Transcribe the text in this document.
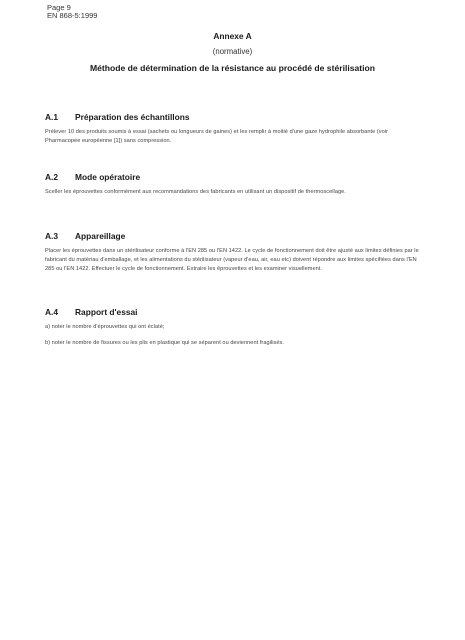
Page 9
EN 868-5:1999
Annexe A
(normative)
Méthode de détermination de la résistance au procédé de stérilisation
A.1	Préparation des échantillons

Prélever 10 des produits soumis à essai (sachets ou longueurs de gaines) et les remplir à moitié d'une gaze hydrophile absorbante (voir Pharmacopée européenne [1]) sans compression.

A.2	Mode opératoire

Sceller les éprouvettes conformément aux recommandations des fabricants en utilisant un dispositif de thermoscellage.

A.3	Appareillage

Placer les éprouvettes dans un stérilisateur conforme à l'EN 285 ou l'EN 1422. Le cycle de fonctionnement doit être ajusté aux limites définies par le fabricant du matériau d'emballage, et les alimentations du stérilisateur (vapeur d'eau, air, eau etc) doivent répondre aux limites spécifiées dans l'EN 285 ou l'EN 1422. Effectuer le cycle de fonctionnement. Extraire les éprouvettes et les examiner visuellement.

A.4	Rapport d'essai
a) noter le nombre d'éprouvettes qui ont éclaté;
b) noter le nombre de fissures ou les plis en plastique qui se séparent ou deviennent fragilisés.
